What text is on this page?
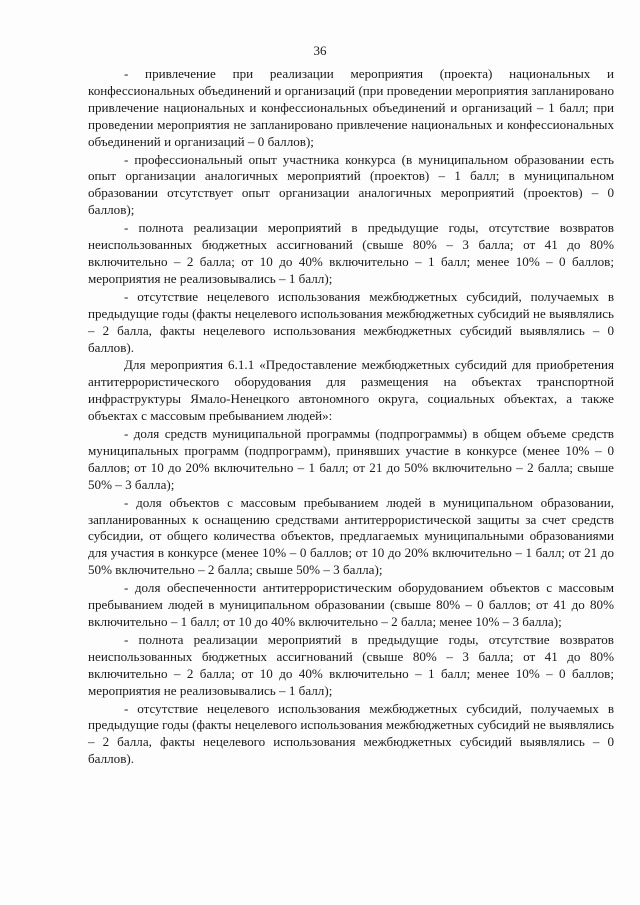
36

- привлечение при реализации мероприятия (проекта) национальных и конфессиональных объединений и организаций (при проведении мероприятия запланировано привлечение национальных и конфессиональных объединений и организаций – 1 балл; при проведении мероприятия не запланировано привлечение национальных и конфессиональных объединений и организаций – 0 баллов);

- профессиональный опыт участника конкурса (в муниципальном образовании есть опыт организации аналогичных мероприятий (проектов) – 1 балл; в муниципальном образовании отсутствует опыт организации аналогичных мероприятий (проектов) – 0 баллов);

- полнота реализации мероприятий в предыдущие годы, отсутствие возвратов неиспользованных бюджетных ассигнований (свыше 80% – 3 балла; от 41 до 80% включительно – 2 балла; от 10 до 40% включительно – 1 балл; менее 10% – 0 баллов; мероприятия не реализовывались – 1 балл);

- отсутствие нецелевого использования межбюджетных субсидий, получаемых в предыдущие годы (факты нецелевого использования межбюджетных субсидий не выявлялись – 2 балла, факты нецелевого использования межбюджетных субсидий выявлялись – 0 баллов).

Для мероприятия 6.1.1 «Предоставление межбюджетных субсидий для приобретения антитеррористического оборудования для размещения на объектах транспортной инфраструктуры Ямало-Ненецкого автономного округа, социальных объектах, а также объектах с массовым пребыванием людей»:

- доля средств муниципальной программы (подпрограммы) в общем объеме средств муниципальных программ (подпрограмм), принявших участие в конкурсе (менее 10% – 0 баллов; от 10 до 20% включительно – 1 балл; от 21 до 50% включительно – 2 балла; свыше 50% – 3 балла);

- доля объектов с массовым пребыванием людей в муниципальном образовании, запланированных к оснащению средствами антитеррористической защиты за счет средств субсидии, от общего количества объектов, предлагаемых муниципальными образованиями для участия в конкурсе (менее 10% – 0 баллов; от 10 до 20% включительно – 1 балл; от 21 до 50% включительно – 2 балла; свыше 50% – 3 балла);

- доля обеспеченности антитеррористическим оборудованием объектов с массовым пребыванием людей в муниципальном образовании (свыше 80% – 0 баллов; от 41 до 80% включительно – 1 балл; от 10 до 40% включительно – 2 балла; менее 10% – 3 балла);

- полнота реализации мероприятий в предыдущие годы, отсутствие возвратов неиспользованных бюджетных ассигнований (свыше 80% – 3 балла; от 41 до 80% включительно – 2 балла; от 10 до 40% включительно – 1 балл; менее 10% – 0 баллов; мероприятия не реализовывались – 1 балл);

- отсутствие нецелевого использования межбюджетных субсидий, получаемых в предыдущие годы (факты нецелевого использования межбюджетных субсидий не выявлялись – 2 балла, факты нецелевого использования межбюджетных субсидий выявлялись – 0 баллов).
